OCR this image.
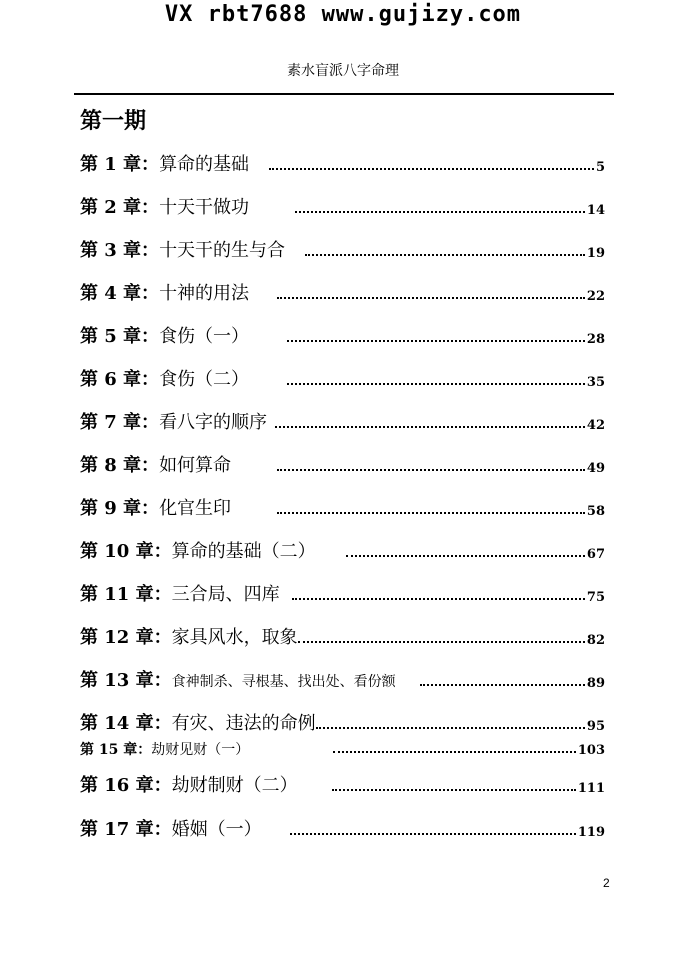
VX rbt7688 www.gujizy.com
素水盲派八字命理
第一期
第 1 章： 算命的基础	5
第 2 章： 十天干做功	14
第 3 章： 十天干的生与合	19
第 4 章： 十神的用法	22
第 5 章： 食伤（一）	28
第 6 章： 食伤（二）	35
第 7 章： 看八字的顺序	42
第 8 章： 如何算命	49
第 9 章： 化官生印	58
第 10 章： 算命的基础（二）	67
第 11 章： 三合局、四库	75
第 12 章： 家具风水，取象	82
第 13 章： 食神制杀、寻根基、找出处、看份额	89
第 14 章： 有灾、违法的命例	95
第 15 章： 劫财见财（一）	103
第 16 章： 劫财制财（二）	111
第 17 章： 婚姻（一）	119
2
